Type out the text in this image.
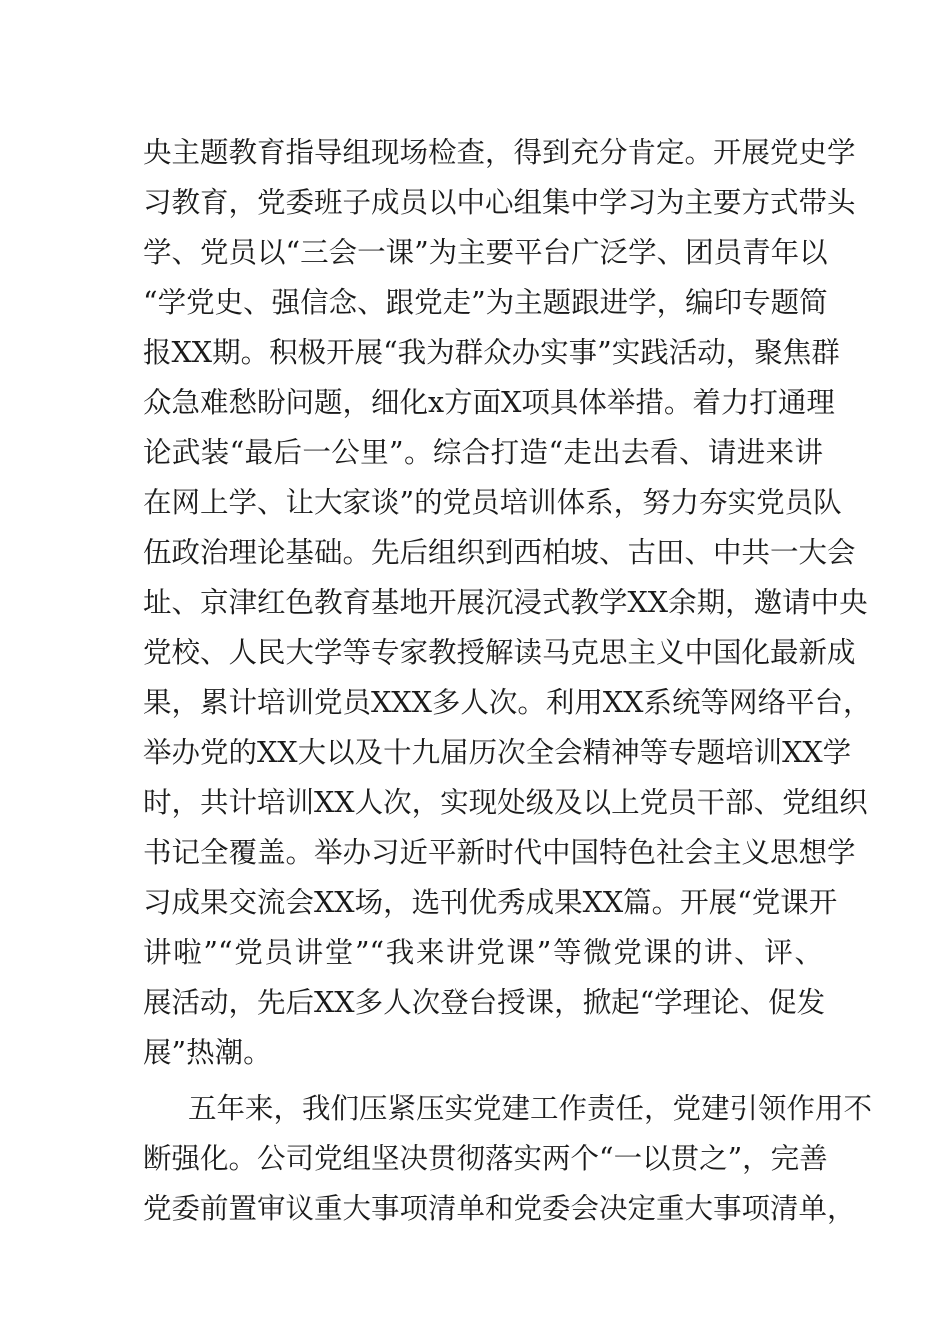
央主题教育指导组现场检查，得到充分肯定。开展党史学
习教育，党委班子成员以中心组集中学习为主要方式带头
学、党员以“三会一课”为主要平台广泛学、团员青年以
“学党史、强信念、跟党走”为主题跟进学，编印专题简
报XX期。积极开展“我为群众办实事”实践活动，聚焦群
众急难愁盼问题，细化x方面X项具体举措。着力打通理
论武装“最后一公里”。综合打造“走出去看、请进来讲
在网上学、让大家谈”的党员培训体系，努力夯实党员队
伍政治理论基础。先后组织到西柏坡、古田、中共一大会
址、京津红色教育基地开展沉浸式教学XX余期，邀请中央
党校、人民大学等专家教授解读马克思主义中国化最新成
果，累计培训党员XXX多人次。利用XX系统等网络平台，
举办党的XX大以及十九届历次全会精神等专题培训XX学
时，共计培训XX人次，实现处级及以上党员干部、党组织
书记全覆盖。举办习近平新时代中国特色社会主义思想学
习成果交流会XX场，选刊优秀成果XX篇。开展“党课开
讲啦”“党员讲堂”“我来讲党课”等微党课的讲、评、
展活动，先后XX多人次登台授课，掀起“学理论、促发
展”热潮。
五年来，我们压紧压实党建工作责任，党建引领作用不
断强化。公司党组坚决贯彻落实两个“一以贯之”，完善
党委前置审议重大事项清单和党委会决定重大事项清单，
